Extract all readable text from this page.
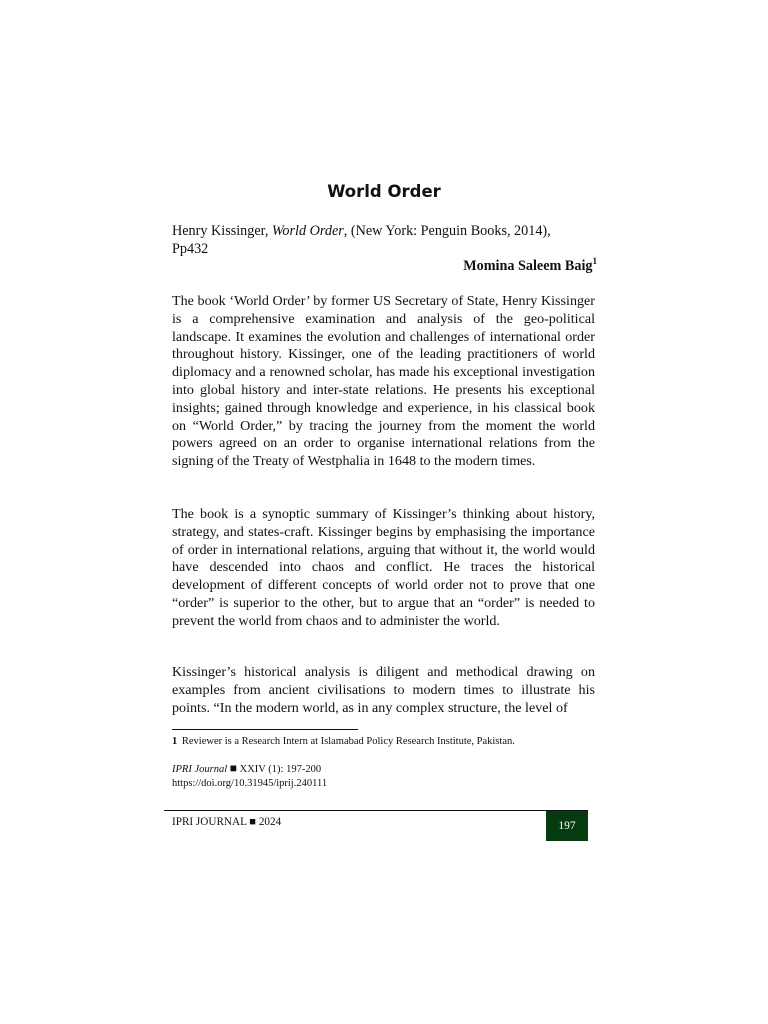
World Order
Henry Kissinger, World Order, (New York: Penguin Books, 2014),
Pp432
Momina Saleem Baig$^1$

The book ‘World Order’ by former US Secretary of State, Henry Kissinger is a comprehensive examination and analysis of the geo-political landscape. It examines the evolution and challenges of international order throughout history. Kissinger, one of the leading practitioners of world diplomacy and a renowned scholar, has made his exceptional investigation into global history and inter-state relations. He presents his exceptional insights; gained through knowledge and experience, in his classical book on “World Order,” by tracing the journey from the moment the world powers agreed on an order to organise international relations from the signing of the Treaty of Westphalia in 1648 to the modern times.

The book is a synoptic summary of Kissinger’s thinking about history, strategy, and states-craft. Kissinger begins by emphasising the importance of order in international relations, arguing that without it, the world would have descended into chaos and conflict. He traces the historical development of different concepts of world order not to prove that one “order” is superior to the other, but to argue that an “order” is needed to prevent the world from chaos and to administer the world.

Kissinger’s historical analysis is diligent and methodical drawing on examples from ancient civilisations to modern times to illustrate his points. “In the modern world, as in any complex structure, the level of

1 Reviewer is a Research Intern at Islamabad Policy Research Institute, Pakistan.
IPRI Journal ■ XXIV (1): 197-200
https://doi.org/10.31945/iprij.240111
IPRI JOURNAL ■ 2024	197
